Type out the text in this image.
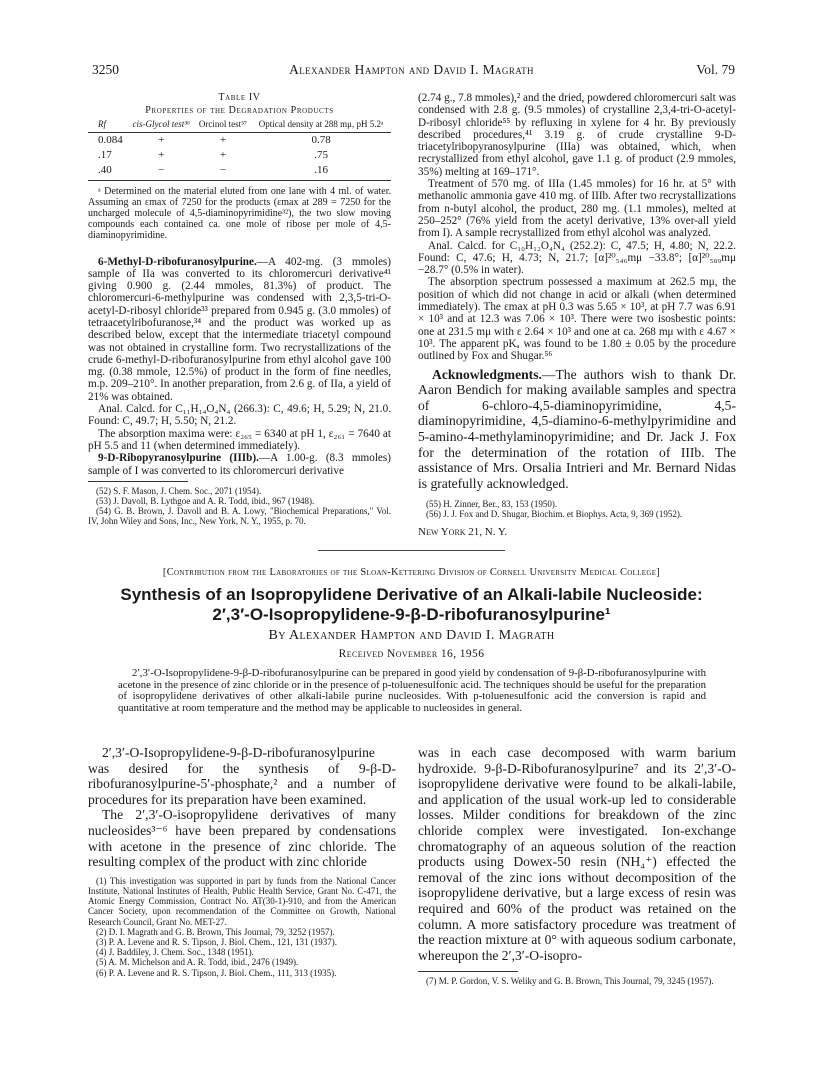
3250	Alexander Hampton and David I. Magrath	Vol. 79
Table IV
Properties of the Degradation Products
Rf	cis-Glycol test³⁶	Orcinol test³⁷	Optical density at 288 mμ, pH 5.2ᵃ
0.084	+	+	0.78
.17	+	+	.75
.40	−	−	.16

ᵃ Determined on the material eluted from one lane with 4 ml. of water. Assuming an εmax of 7250 for the products (εmax at 289 = 7250 for the uncharged molecule of 4,5-diaminopyrimidine³²), the two slow moving compounds each contained ca. one mole of ribose per mole of 4,5-diaminopyrimidine.

6-Methyl-D-ribofuranosylpurine.—A 402-mg. (3 mmoles) sample of IIa was converted to its chloromercuri derivative⁴¹ giving 0.900 g. (2.44 mmoles, 81.3%) of product. The chloromercuri-6-methylpurine was condensed with 2,3,5-tri-O-acetyl-D-ribosyl chloride³³ prepared from 0.945 g. (3.0 mmoles) of tetraacetylribofuranose,³⁴ and the product was worked up as described below, except that the intermediate triacetyl compound was not obtained in crystalline form. Two recrystallizations of the crude 6-methyl-D-ribofuranosylpurine from ethyl alcohol gave 100 mg. (0.38 mmole, 12.5%) of product in the form of fine needles, m.p. 209–210°. In another preparation, from 2.6 g. of IIa, a yield of 21% was obtained.

Anal. Calcd. for C₁₁H₁₄O₄N₄ (266.3): C, 49.6; H, 5.29; N, 21.0. Found: C, 49.7; H, 5.50; N, 21.2.

The absorption maxima were: ε₂₆₅ = 6340 at pH 1, ε₂₆₁ = 7640 at pH 5.5 and 11 (when determined immediately).

9-D-Ribopyranosylpurine (IIIb).—A 1.00-g. (8.3 mmoles) sample of I was converted to its chloromercuri derivative

(52) S. F. Mason, J. Chem. Soc., 2071 (1954).

(53) J. Davoll, B. Lythgoe and A. R. Todd, ibid., 967 (1948).

(54) G. B. Brown, J. Davoll and B. A. Lowy, "Biochemical Preparations," Vol. IV, John Wiley and Sons, Inc., New York, N. Y., 1955, p. 70.

(2.74 g., 7.8 mmoles),² and the dried, powdered chloromercuri salt was condensed with 2.8 g. (9.5 mmoles) of crystalline 2,3,4-tri-O-acetyl-D-ribosyl chloride⁵⁵ by refluxing in xylene for 4 hr. By previously described procedures,⁴¹ 3.19 g. of crude crystalline 9-D-triacetylribopyranosylpurine (IIIa) was obtained, which, when recrystallized from ethyl alcohol, gave 1.1 g. of product (2.9 mmoles, 35%) melting at 169–171°.

Treatment of 570 mg. of IIIa (1.45 mmoles) for 16 hr. at 5° with methanolic ammonia gave 410 mg. of IIIb. After two recrystallizations from n-butyl alcohol, the product, 280 mg. (1.1 mmoles), melted at 250–252° (76% yield from the acetyl derivative, 13% over-all yield from I). A sample recrystallized from ethyl alcohol was analyzed.

Anal. Calcd. for C₁₀H₁₂O₄N₄ (252.2): C, 47.5; H, 4.80; N, 22.2. Found: C, 47.6; H, 4.73; N, 21.7; [α]²⁰₅₄₆mμ −33.8°; [α]²⁰₅₈₉mμ −28.7° (0.5% in water).

The absorption spectrum possessed a maximum at 262.5 mμ, the position of which did not change in acid or alkali (when determined immediately). The εmax at pH 0.3 was 5.65 × 10³, at pH 7.7 was 6.91 × 10³ and at 12.3 was 7.06 × 10³. There were two isosbestic points: one at 231.5 mμ with ε 2.64 × 10³ and one at ca. 268 mμ with ε 4.67 × 10³. The apparent pKₐ was found to be 1.80 ± 0.05 by the procedure outlined by Fox and Shugar.⁵⁶

Acknowledgments.—The authors wish to thank Dr. Aaron Bendich for making available samples and spectra of 6-chloro-4,5-diaminopyrimidine, 4,5-diaminopyrimidine, 4,5-diamino-6-methylpyrimidine and 5-amino-4-methylaminopyrimidine; and Dr. Jack J. Fox for the determination of the rotation of IIIb. The assistance of Mrs. Orsalia Intrieri and Mr. Bernard Nidas is gratefully acknowledged.

(55) H. Zinner, Ber., 83, 153 (1950).

(56) J. J. Fox and D. Shugar, Biochim. et Biophys. Acta, 9, 369 (1952).

New York 21, N. Y.
[Contribution from the Laboratories of the Sloan-Kettering Division of Cornell University Medical College]
Synthesis of an Isopropylidene Derivative of an Alkali-labile Nucleoside:
2′,3′-O-Isopropylidene-9-β-D-ribofuranosylpurine¹
By Alexander Hampton and David I. Magrath
Received November 16, 1956
2′,3′-O-Isopropylidene-9-β-D-ribofuranosylpurine can be prepared in good yield by condensation of 9-β-D-ribofuranosylpurine with acetone in the presence of zinc chloride or in the presence of p-toluenesulfonic acid. The techniques should be useful for the preparation of isopropylidene derivatives of other alkali-labile purine nucleosides. With p-toluenesulfonic acid the conversion is rapid and quantitative at room temperature and the method may be applicable to nucleosides in general.

2′,3′-O-Isopropylidene-9-β-D-ribofuranosylpurine was desired for the synthesis of 9-β-D-ribofuranosylpurine-5′-phosphate,² and a number of procedures for its preparation have been examined.

The 2′,3′-O-isopropylidene derivatives of many nucleosides³⁻⁶ have been prepared by condensations with acetone in the presence of zinc chloride. The resulting complex of the product with zinc chloride

(1) This investigation was supported in part by funds from the National Cancer Institute, National Institutes of Health, Public Health Service, Grant No. C-471, the Atomic Energy Commission, Contract No. AT(30-1)-910, and from the American Cancer Society, upon recommendation of the Committee on Growth, National Research Council, Grant No. MET-27.

(2) D. I. Magrath and G. B. Brown, This Journal, 79, 3252 (1957).

(3) P. A. Levene and R. S. Tipson, J. Biol. Chem., 121, 131 (1937).

(4) J. Baddiley, J. Chem. Soc., 1348 (1951).

(5) A. M. Michelson and A. R. Todd, ibid., 2476 (1949).

(6) P. A. Levene and R. S. Tipson, J. Biol. Chem., 111, 313 (1935).

was in each case decomposed with warm barium hydroxide. 9-β-D-Ribofuranosylpurine⁷ and its 2′,3′-O-isopropylidene derivative were found to be alkali-labile, and application of the usual work-up led to considerable losses. Milder conditions for breakdown of the zinc chloride complex were investigated. Ion-exchange chromatography of an aqueous solution of the reaction products using Dowex-50 resin (NH₄⁺) effected the removal of the zinc ions without decomposition of the isopropylidene derivative, but a large excess of resin was required and 60% of the product was retained on the column. A more satisfactory procedure was treatment of the reaction mixture at 0° with aqueous sodium carbonate, whereupon the 2′,3′-O-isopro-

(7) M. P. Gordon, V. S. Weliky and G. B. Brown, This Journal, 79, 3245 (1957).
